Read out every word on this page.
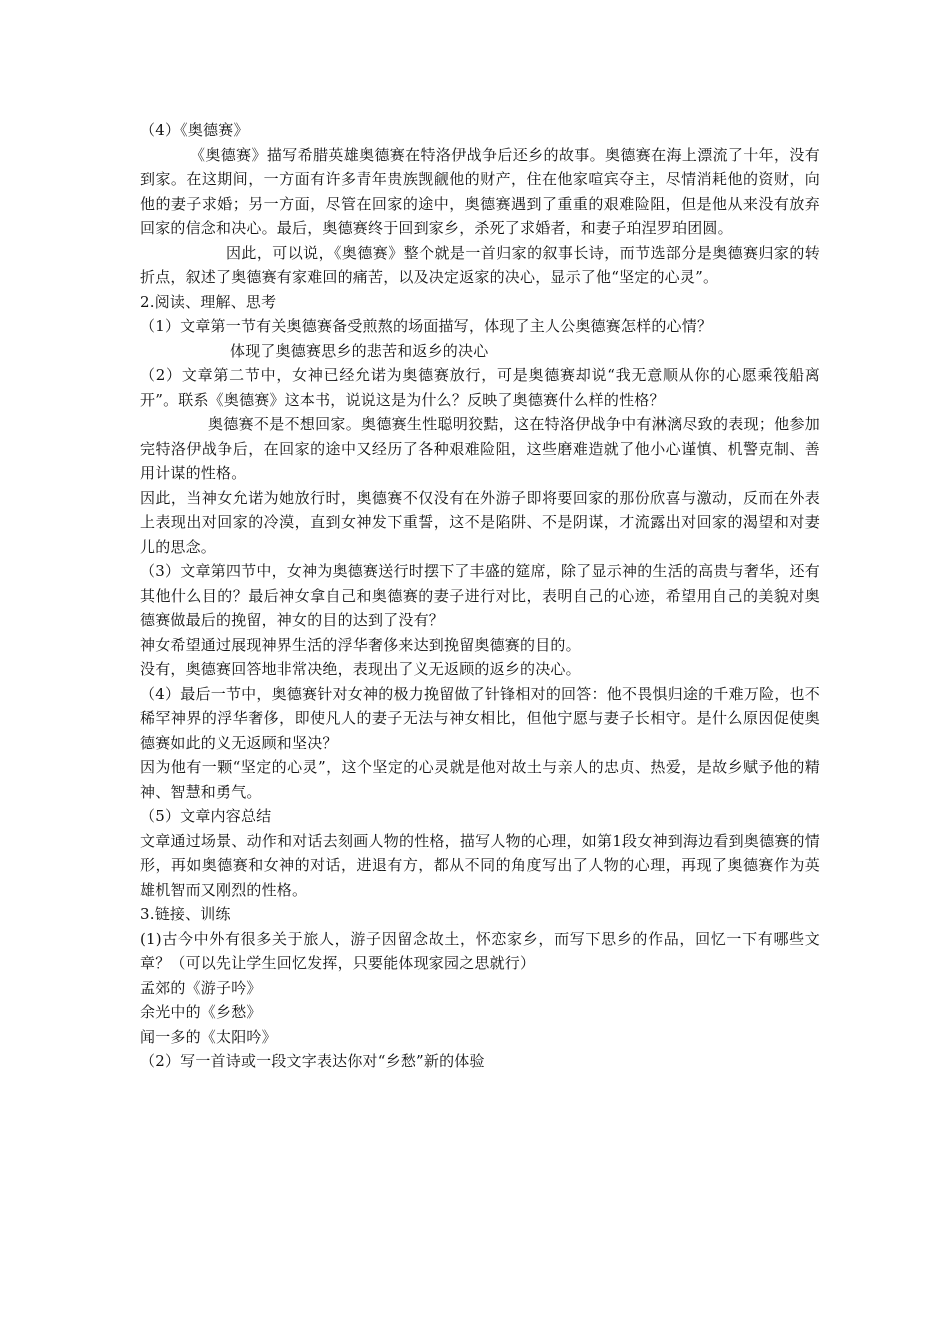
（4）《奥德赛》

《奥德赛》描写希腊英雄奥德赛在特洛伊战争后还乡的故事。奥德赛在海上漂流了十年，没有到家。在这期间，一方面有许多青年贵族觊觎他的财产，住在他家喧宾夺主，尽情消耗他的资财，向他的妻子求婚；另一方面，尽管在回家的途中，奥德赛遇到了重重的艰难险阻，但是他从来没有放弃回家的信念和决心。最后，奥德赛终于回到家乡，杀死了求婚者，和妻子珀涅罗珀团圆。

因此，可以说，《奥德赛》整个就是一首归家的叙事长诗，而节选部分是奥德赛归家的转折点，叙述了奥德赛有家难回的痛苦，以及决定返家的决心，显示了他“坚定的心灵”。

2.阅读、理解、思考

（1）文章第一节有关奥德赛备受煎熬的场面描写，体现了主人公奥德赛怎样的心情？

体现了奥德赛思乡的悲苦和返乡的决心

（2）文章第二节中，女神已经允诺为奥德赛放行，可是奥德赛却说“我无意顺从你的心愿乘筏船离开”。联系《奥德赛》这本书，说说这是为什么？反映了奥德赛什么样的性格？

奥德赛不是不想回家。奥德赛生性聪明狡黠，这在特洛伊战争中有淋漓尽致的表现；他参加完特洛伊战争后，在回家的途中又经历了各种艰难险阻，这些磨难造就了他小心谨慎、机警克制、善用计谋的性格。

因此，当神女允诺为她放行时，奥德赛不仅没有在外游子即将要回家的那份欣喜与激动，反而在外表上表现出对回家的冷漠，直到女神发下重誓，这不是陷阱、不是阴谋，才流露出对回家的渴望和对妻儿的思念。

（3）文章第四节中，女神为奥德赛送行时摆下了丰盛的筵席，除了显示神的生活的高贵与奢华，还有其他什么目的？最后神女拿自己和奥德赛的妻子进行对比，表明自己的心迹，希望用自己的美貌对奥德赛做最后的挽留，神女的目的达到了没有？

神女希望通过展现神界生活的浮华奢侈来达到挽留奥德赛的目的。

没有，奥德赛回答地非常决绝，表现出了义无返顾的返乡的决心。

（4）最后一节中，奥德赛针对女神的极力挽留做了针锋相对的回答：他不畏惧归途的千难万险，也不稀罕神界的浮华奢侈，即使凡人的妻子无法与神女相比，但他宁愿与妻子长相守。是什么原因促使奥德赛如此的义无返顾和坚决？

因为他有一颗“坚定的心灵”，这个坚定的心灵就是他对故土与亲人的忠贞、热爱，是故乡赋予他的精神、智慧和勇气。

（5）文章内容总结

文章通过场景、动作和对话去刻画人物的性格，描写人物的心理，如第1段女神到海边看到奥德赛的情形，再如奥德赛和女神的对话，进退有方，都从不同的角度写出了人物的心理，再现了奥德赛作为英雄机智而又刚烈的性格。

3.链接、训练

(1)古今中外有很多关于旅人，游子因留念故土，怀恋家乡，而写下思乡的作品，回忆一下有哪些文章？（可以先让学生回忆发挥，只要能体现家园之思就行）

孟郊的《游子吟》

余光中的《乡愁》

闻一多的《太阳吟》

（2）写一首诗或一段文字表达你对“乡愁”新的体验
